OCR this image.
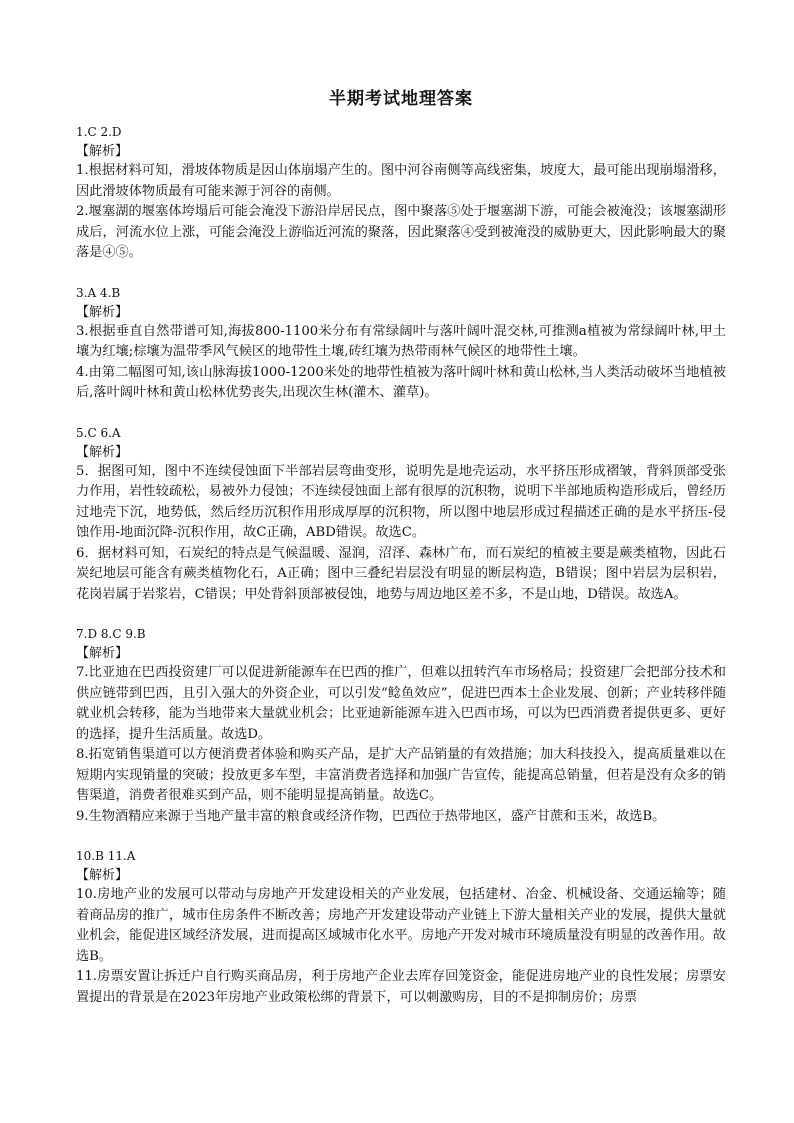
半期考试地理答案
1.C 2.D
【解析】

1.根据材料可知，滑坡体物质是因山体崩塌产生的。图中河谷南侧等高线密集，坡度大，最可能出现崩塌滑移，因此滑坡体物质最有可能来源于河谷的南侧。

2.堰塞湖的堰塞体垮塌后可能会淹没下游沿岸居民点，图中聚落⑤处于堰塞湖下游，可能会被淹没；该堰塞湖形成后，河流水位上涨，可能会淹没上游临近河流的聚落，因此聚落④受到被淹没的威胁更大，因此影响最大的聚落是④⑤。

3.A 4.B
【解析】

3.根据垂直自然带谱可知,海拔800-1100米分布有常绿阔叶与落叶阔叶混交林,可推测a植被为常绿阔叶林,甲土壤为红壤;棕壤为温带季风气候区的地带性土壤,砖红壤为热带雨林气候区的地带性土壤。

4.由第二幅图可知,该山脉海拔1000-1200米处的地带性植被为落叶阔叶林和黄山松林,当人类活动破坏当地植被后,落叶阔叶林和黄山松林优势丧失,出现次生林(灌木、灌草)。

5.C 6.A
【解析】

5．据图可知，图中不连续侵蚀面下半部岩层弯曲变形，说明先是地壳运动，水平挤压形成褶皱，背斜顶部受张力作用，岩性较疏松，易被外力侵蚀；不连续侵蚀面上部有很厚的沉积物，说明下半部地质构造形成后，曾经历过地壳下沉，地势低，然后经历沉积作用形成厚厚的沉积物，所以图中地层形成过程描述正确的是水平挤压-侵蚀作用-地面沉降-沉积作用，故C正确，ABD错误。故选C。

6．据材料可知，石炭纪的特点是气候温暖、湿润，沼泽、森林广布，而石炭纪的植被主要是蕨类植物，因此石炭纪地层可能含有蕨类植物化石，A正确；图中三叠纪岩层没有明显的断层构造，B错误；图中岩层为层积岩，花岗岩属于岩浆岩，C错误；甲处背斜顶部被侵蚀，地势与周边地区差不多，不是山地，D错误。故选A。

7.D 8.C 9.B
【解析】

7.比亚迪在巴西投资建厂可以促进新能源车在巴西的推广，但难以扭转汽车市场格局；投资建厂会把部分技术和供应链带到巴西，且引入强大的外资企业，可以引发“鲶鱼效应”，促进巴西本土企业发展、创新；产业转移伴随就业机会转移，能为当地带来大量就业机会；比亚迪新能源车进入巴西市场，可以为巴西消费者提供更多、更好的选择，提升生活质量。故选D。

8.拓宽销售渠道可以方便消费者体验和购买产品，是扩大产品销量的有效措施；加大科技投入，提高质量难以在短期内实现销量的突破；投放更多车型，丰富消费者选择和加强广告宣传，能提高总销量，但若是没有众多的销售渠道，消费者很难买到产品，则不能明显提高销量。故选C。

9.生物酒精应来源于当地产量丰富的粮食或经济作物，巴西位于热带地区，盛产甘蔗和玉米，故选B。

10.B 11.A
【解析】

10.房地产业的发展可以带动与房地产开发建设相关的产业发展，包括建材、冶金、机械设备、交通运输等；随着商品房的推广，城市住房条件不断改善；房地产开发建设带动产业链上下游大量相关产业的发展，提供大量就业机会，能促进区域经济发展，进而提高区域城市化水平。房地产开发对城市环境质量没有明显的改善作用。故选B。

11.房票安置让拆迁户自行购买商品房，利于房地产企业去库存回笼资金，能促进房地产业的良性发展；房票安置提出的背景是在2023年房地产业政策松绑的背景下，可以刺激购房，目的不是抑制房价；房票
